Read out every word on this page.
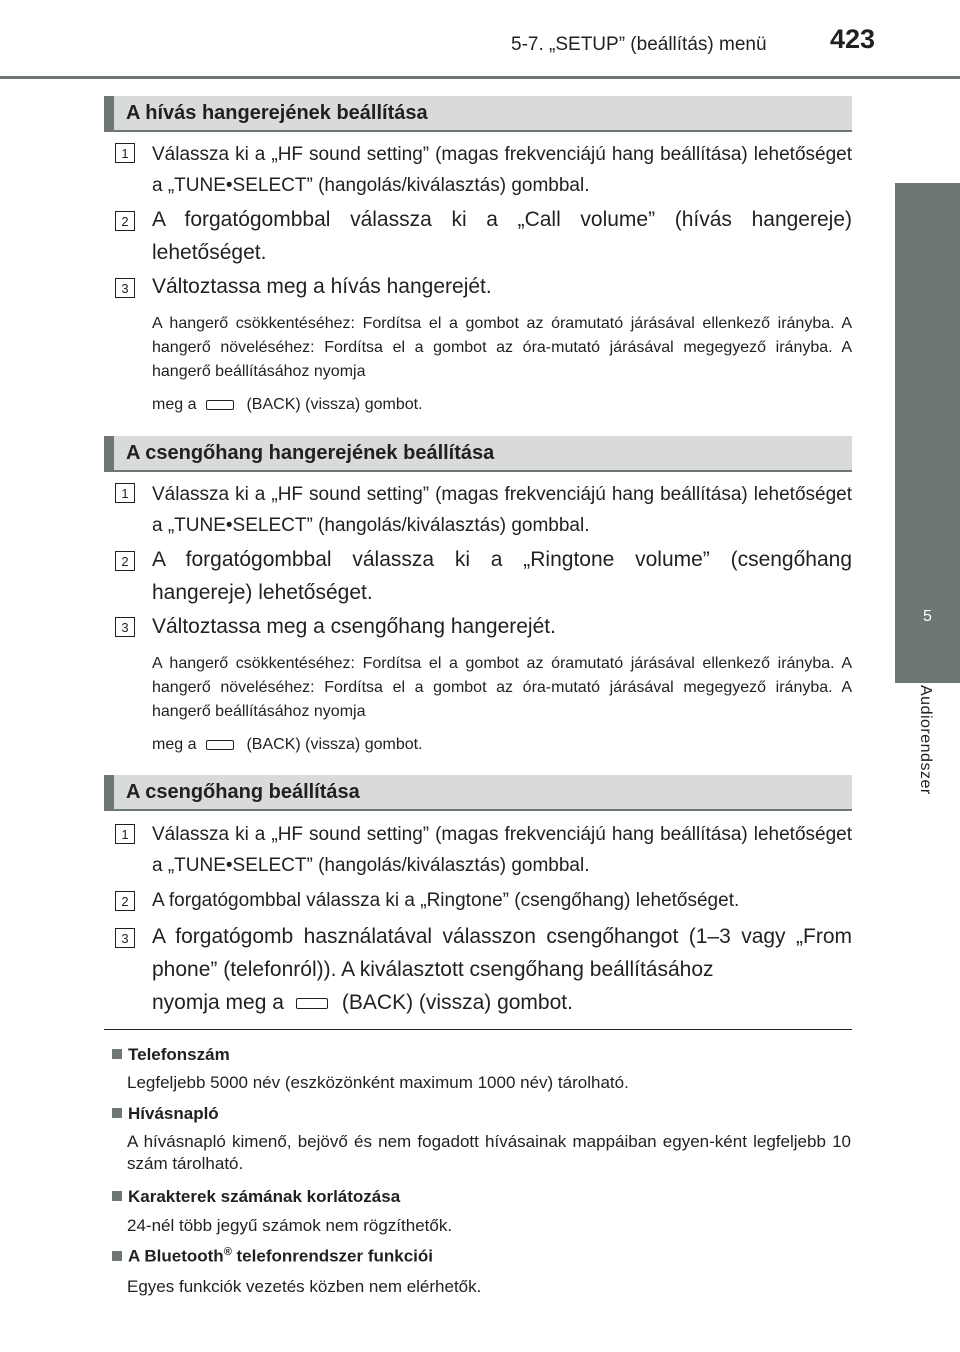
5-7. „SETUP” (beállítás) menü 423
5
Audiorendszer
A hívás hangerejének beállítása
1	Válassza ki a „HF sound setting” (magas frekvenciájú hang beállítása) lehetőséget a „TUNE•SELECT” (hangolás/kiválasztás) gombbal.
2	A forgatógombbal válassza ki a „Call volume” (hívás hangereje) lehetőséget.
3	Változtassa meg a hívás hangerejét.
A hangerő csökkentéséhez: Fordítsa el a gombot az óramutató járásával ellenkező irányba. A hangerő növeléséhez: Fordítsa el a gombot az óra-mutató járásával megegyező irányba. A hangerő beállításához nyomja
meg a	(BACK) (vissza) gombot.
A csengőhang hangerejének beállítása
1	Válassza ki a „HF sound setting” (magas frekvenciájú hang beállítása) lehetőséget a „TUNE•SELECT” (hangolás/kiválasztás) gombbal.
2	A forgatógombbal válassza ki a „Ringtone volume” (csengőhang hangereje) lehetőséget.
3	Változtassa meg a csengőhang hangerejét.
A hangerő csökkentéséhez: Fordítsa el a gombot az óramutató járásával ellenkező irányba. A hangerő növeléséhez: Fordítsa el a gombot az óra-mutató járásával megegyező irányba. A hangerő beállításához nyomja
meg a	(BACK) (vissza) gombot.
A csengőhang beállítása
1	Válassza ki a „HF sound setting” (magas frekvenciájú hang beállítása) lehetőséget a „TUNE•SELECT” (hangolás/kiválasztás) gombbal.
2	A forgatógombbal válassza ki a „Ringtone” (csengőhang) lehetőséget.
3	A forgatógomb használatával válasszon csengőhangot (1–3 vagy „From phone” (telefonról)). A kiválasztott csengőhang beállításához
nyomja meg a	(BACK) (vissza) gombot.
Telefonszám
Legfeljebb 5000 név (eszközönként maximum 1000 név) tárolható.
Hívásnapló
A hívásnapló kimenő, bejövő és nem fogadott hívásainak mappáiban egyen-ként legfeljebb 10 szám tárolható.
Karakterek számának korlátozása
24-nél több jegyű számok nem rögzíthetők.
A Bluetooth® telefonrendszer funkciói
Egyes funkciók vezetés közben nem elérhetők.
